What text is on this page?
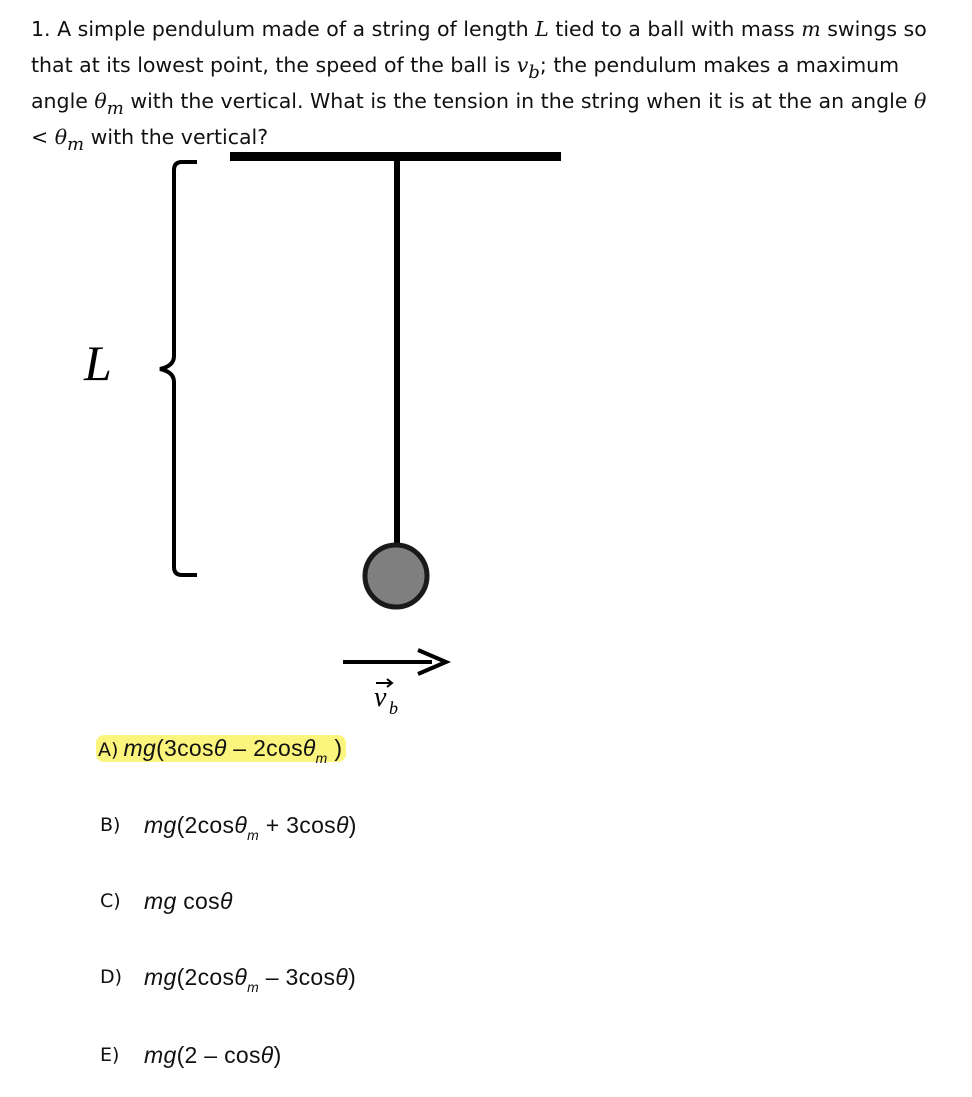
1. A simple pendulum made of a string of length L tied to a ball with mass m swings so
that at its lowest point, the speed of the ball is vb; the pendulum makes a maximum
angle θm with the vertical. What is the tension in the string when it is at the an angle θ
< θm with the vertical?
L
v b
A) mg(3cosθ – 2cosθ$_m$ )
B)	mg(2cosθ$_m$ + 3cosθ)
C)	mg cosθ
D) mg(2cosθ$_m$ – 3cosθ)
E)	mg(2 – cosθ)
